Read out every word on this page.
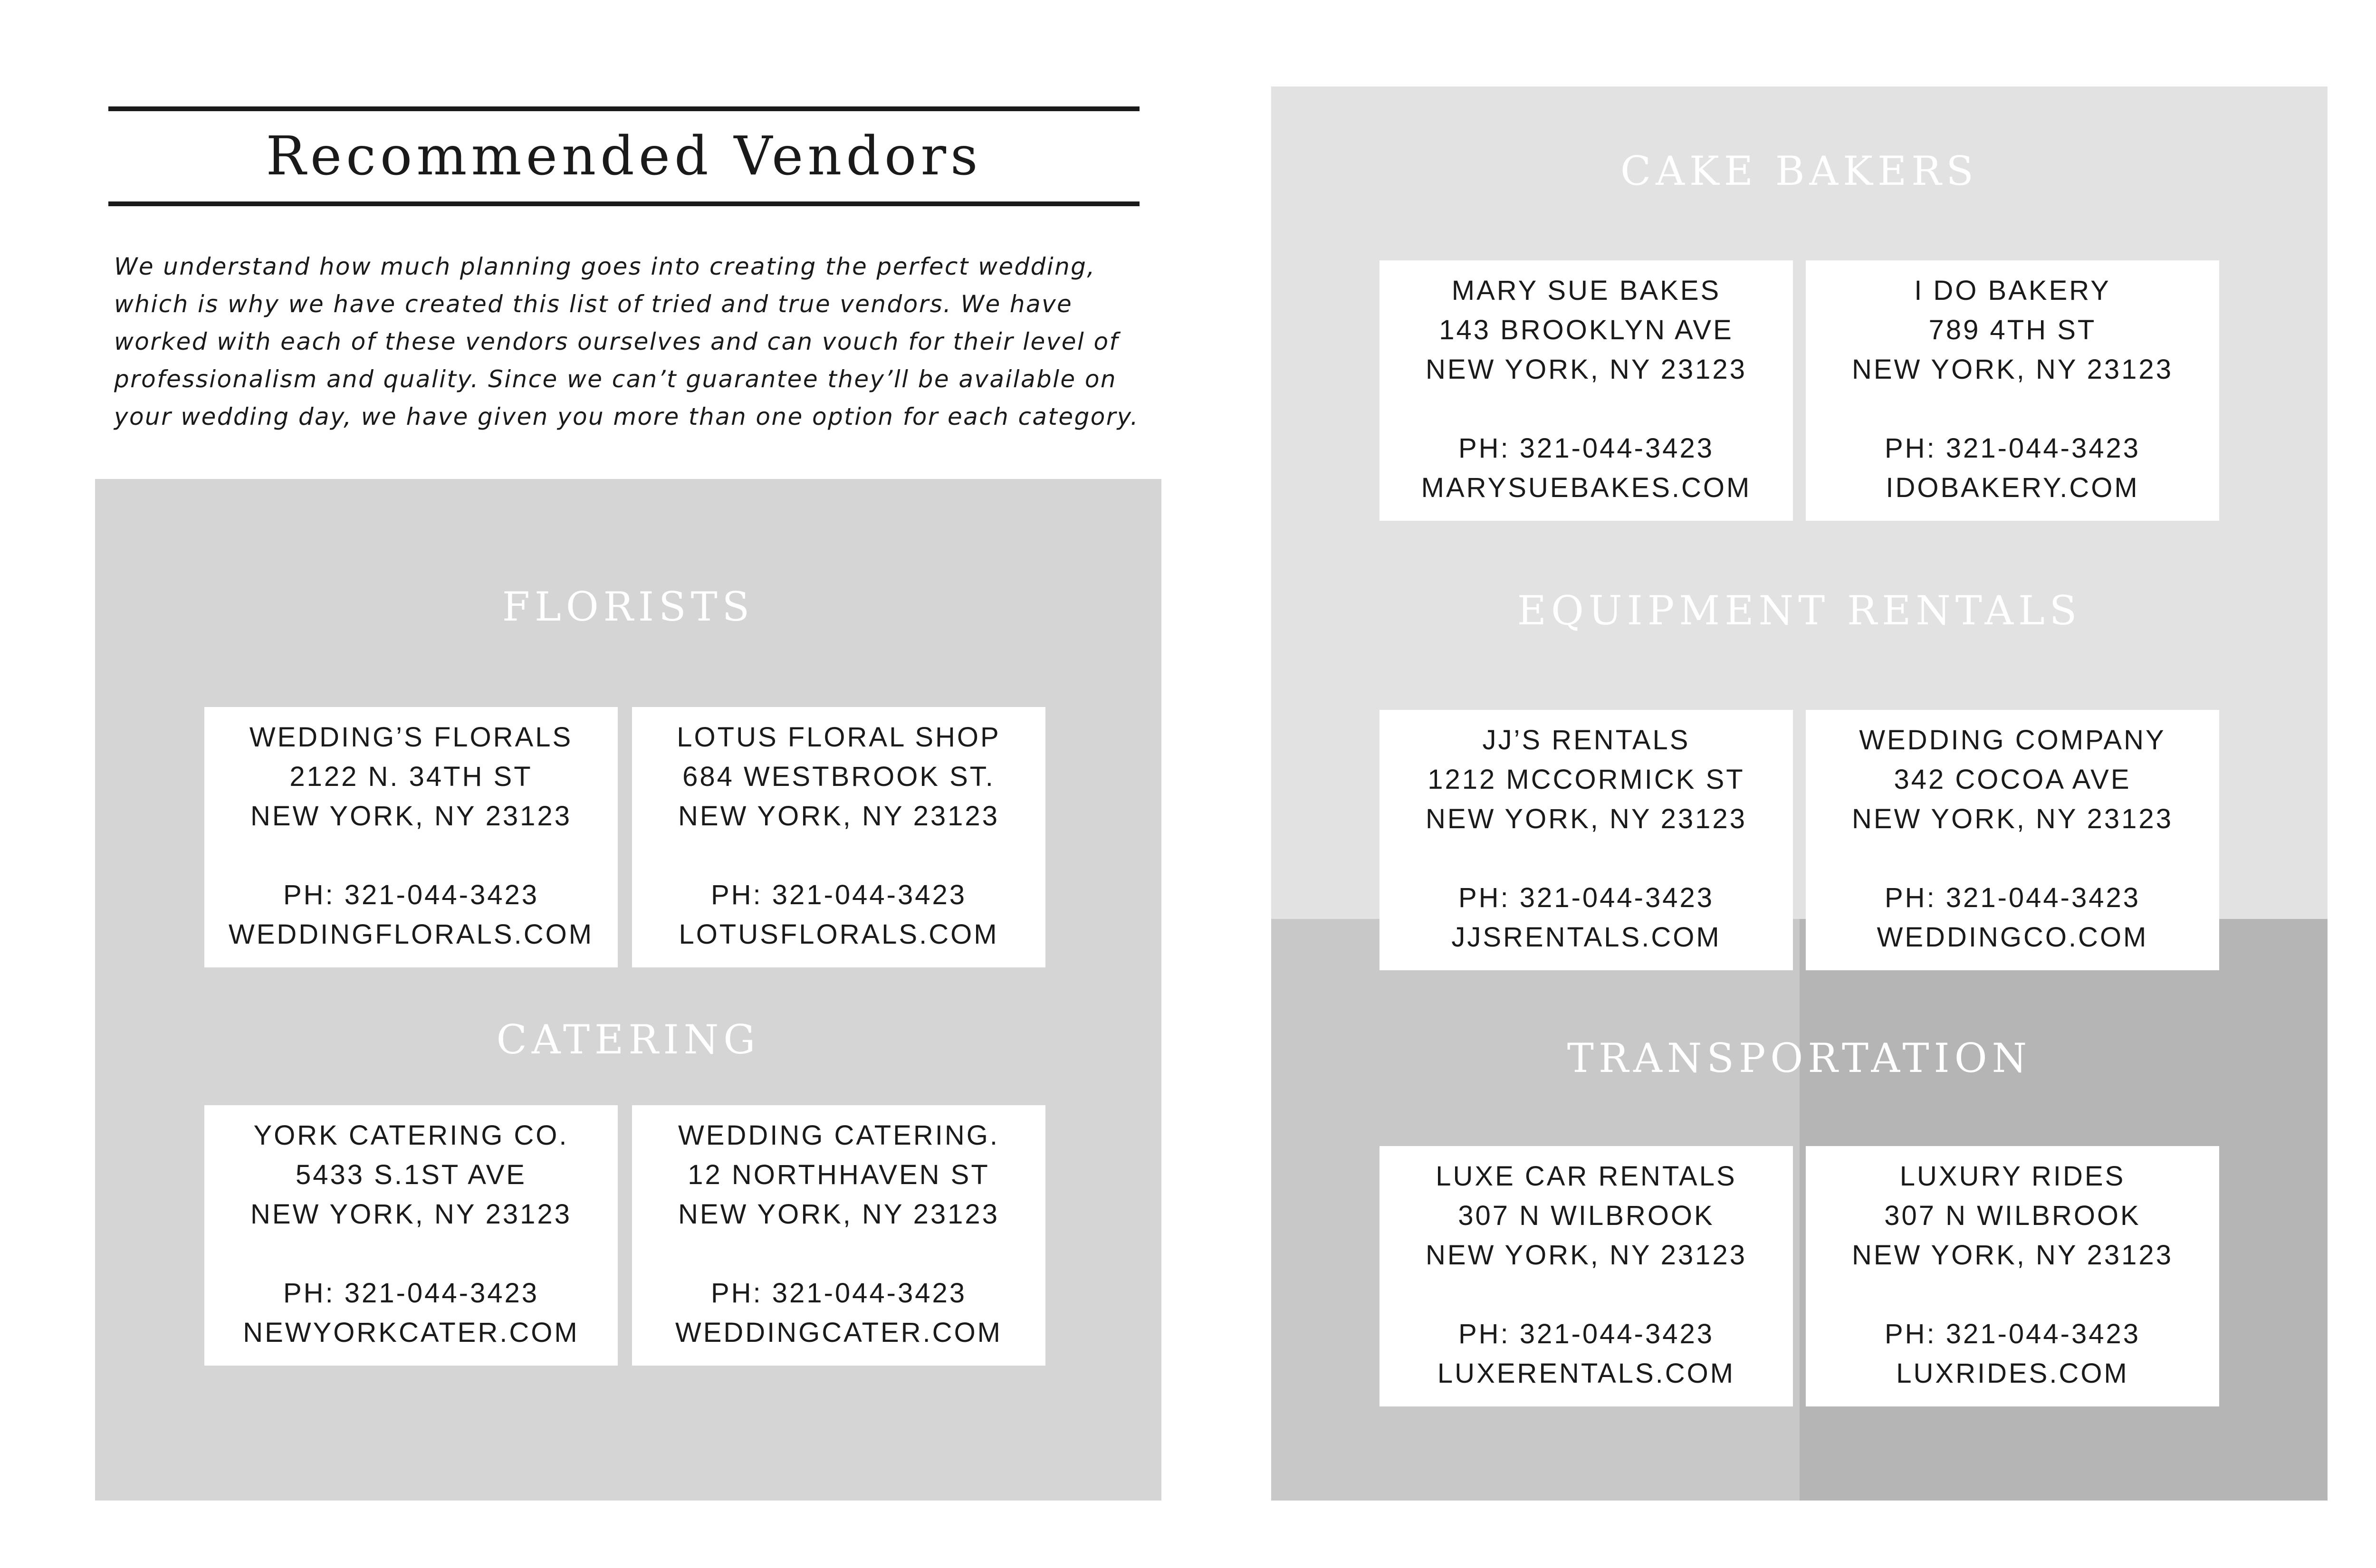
Recommended Vendors

We understand how much planning goes into creating the perfect wedding, which is why we have created this list of tried and true vendors. We have worked with each of these vendors ourselves and can vouch for their level of professionalism and quality. Since we can’t guarantee they’ll be available on your wedding day, we have given you more than one option for each category.

FLORISTS
WEDDING’S FLORALS
2122 N. 34TH ST
NEW YORK, NY 23123
PH: 321-044-3423
WEDDINGFLORALS.COM
LOTUS FLORAL SHOP
684 WESTBROOK ST.
NEW YORK, NY 23123
PH: 321-044-3423
LOTUSFLORALS.COM
CATERING
YORK CATERING CO.
5433 S.1ST AVE
NEW YORK, NY 23123
PH: 321-044-3423
NEWYORKCATER.COM
WEDDING CATERING.
12 NORTHHAVEN ST
NEW YORK, NY 23123
PH: 321-044-3423
WEDDINGCATER.COM
CAKE BAKERS
MARY SUE BAKES
143 BROOKLYN AVE
NEW YORK, NY 23123
PH: 321-044-3423
MARYSUEBAKES.COM
I DO BAKERY
789 4TH ST
NEW YORK, NY 23123
PH: 321-044-3423
IDOBAKERY.COM
EQUIPMENT RENTALS
JJ’S RENTALS
1212 MCCORMICK ST
NEW YORK, NY 23123
PH: 321-044-3423
JJSRENTALS.COM
WEDDING COMPANY
342 COCOA AVE
NEW YORK, NY 23123
PH: 321-044-3423
WEDDINGCO.COM
TRANSPORTATION
LUXE CAR RENTALS
307 N WILBROOK
NEW YORK, NY 23123
PH: 321-044-3423
LUXERENTALS.COM
LUXURY RIDES
307 N WILBROOK
NEW YORK, NY 23123
PH: 321-044-3423
LUXRIDES.COM
